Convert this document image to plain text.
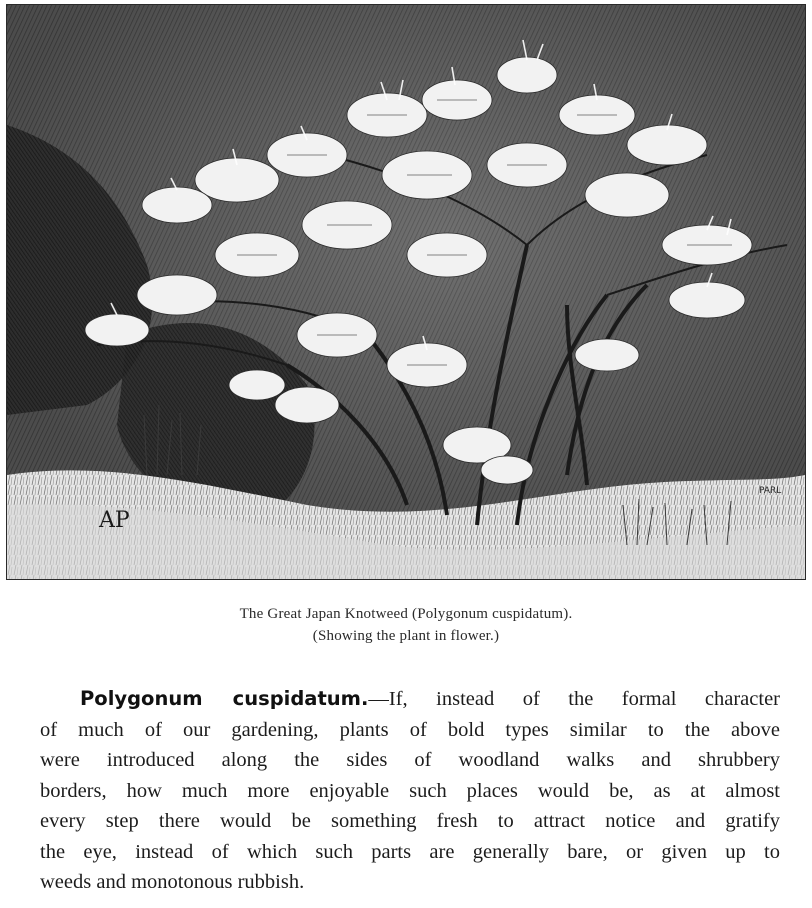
AP
PARL
The Great Japan Knotweed (Polygonum cuspidatum).
(Showing the plant in flower.)
Polygonum cuspidatum.—If, instead of the formal character
of much of our gardening, plants of bold types similar to the above
were introduced along the sides of woodland walks and shrubbery
borders, how much more enjoyable such places would be, as at almost
every step there would be something fresh to attract notice and gratify
the eye, instead of which such parts are generally bare, or given up to
weeds and monotonous rubbish.
